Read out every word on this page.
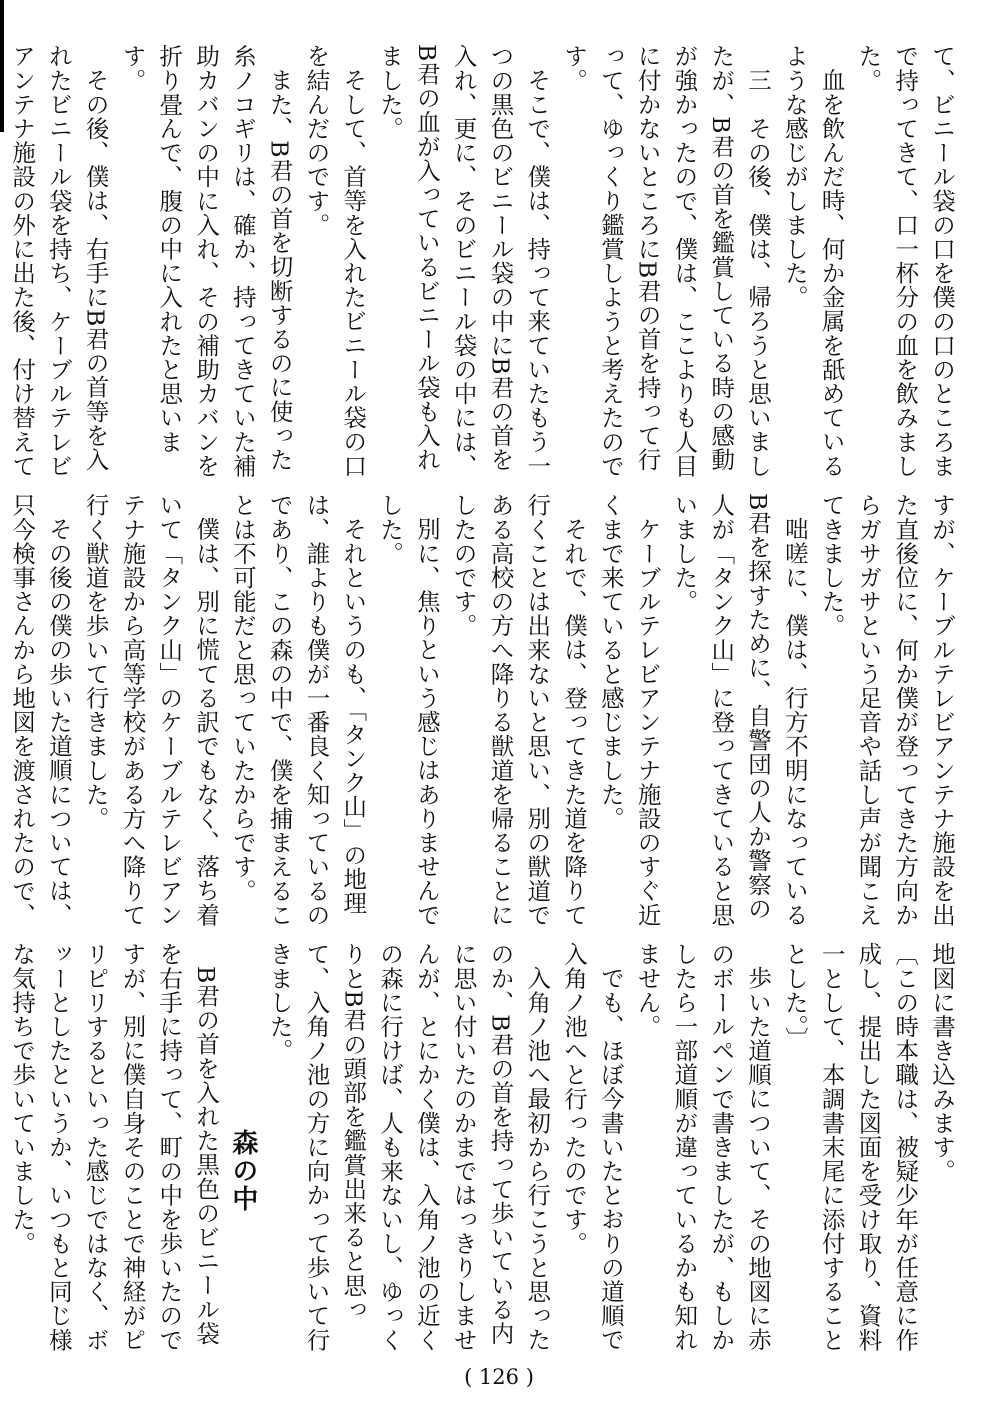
て、ビニール袋の口を僕の口のところまで持ってきて、口一杯分の血を飲みました。

血を飲んだ時、何か金属を舐めているような感じがしました。

三　その後、僕は、帰ろうと思いましたが、B君の首を鑑賞している時の感動が強かったので、僕は、ここよりも人目に付かないところにB君の首を持って行って、ゆっくり鑑賞しようと考えたのです。

そこで、僕は、持って来ていたもう一つの黒色のビニール袋の中にB君の首を入れ、更に、そのビニール袋の中には、B君の血が入っているビニール袋も入れました。

そして、首等を入れたビニール袋の口を結んだのです。

また、B君の首を切断するのに使った糸ノコギリは、確か、持ってきていた補助カバンの中に入れ、その補助カバンを折り畳んで、腹の中に入れたと思います。

その後、僕は、右手にB君の首等を入れたビニール袋を持ち、ケーブルテレビアンテナ施設の外に出た後、付け替えて

すが、ケーブルテレビアンテナ施設を出た直後位に、何か僕が登ってきた方向からガサガサという足音や話し声が聞こえてきました。

咄嗟に、僕は、行方不明になっているB君を探すために、自警団の人か警察の人が「タンク山」に登ってきていると思いました。

ケーブルテレビアンテナ施設のすぐ近くまで来ていると感じました。

それで、僕は、登ってきた道を降りて行くことは出来ないと思い、別の獣道である高校の方へ降りる獣道を帰ることにしたのです。

別に、焦りという感じはありませんでした。

それというのも、「タンク山」の地理は、誰よりも僕が一番良く知っているのであり、この森の中で、僕を捕まえることは不可能だと思っていたからです。

僕は、別に慌てる訳でもなく、落ち着いて「タンク山」のケーブルテレビアンテナ施設から高等学校がある方へ降りて行く獣道を歩いて行きました。

その後の僕の歩いた道順については、只今検事さんから地図を渡されたので、

地図に書き込みます。

〔この時本職は、被疑少年が任意に作成し、提出した図面を受け取り、資料一として、本調書末尾に添付することとした。〕

歩いた道順について、その地図に赤のボールペンで書きましたが、もしかしたら一部道順が違っているかも知れません。

でも、ほぼ今書いたとおりの道順で入角ノ池へと行ったのです。

入角ノ池へ最初から行こうと思ったのか、B君の首を持って歩いている内に思い付いたのかまではっきりしませんが、とにかく僕は、入角ノ池の近くの森に行けば、人も来ないし、ゆっくりとB君の頭部を鑑賞出来ると思って、入角ノ池の方に向かって歩いて行きました。

森の中

B君の首を入れた黒色のビニール袋を右手に持って、町の中を歩いたのですが、別に僕自身そのことで神経がピリピリするといった感じではなく、ボッーとしたというか、いつもと同じ様な気持ちで歩いていました。

( 126 )
